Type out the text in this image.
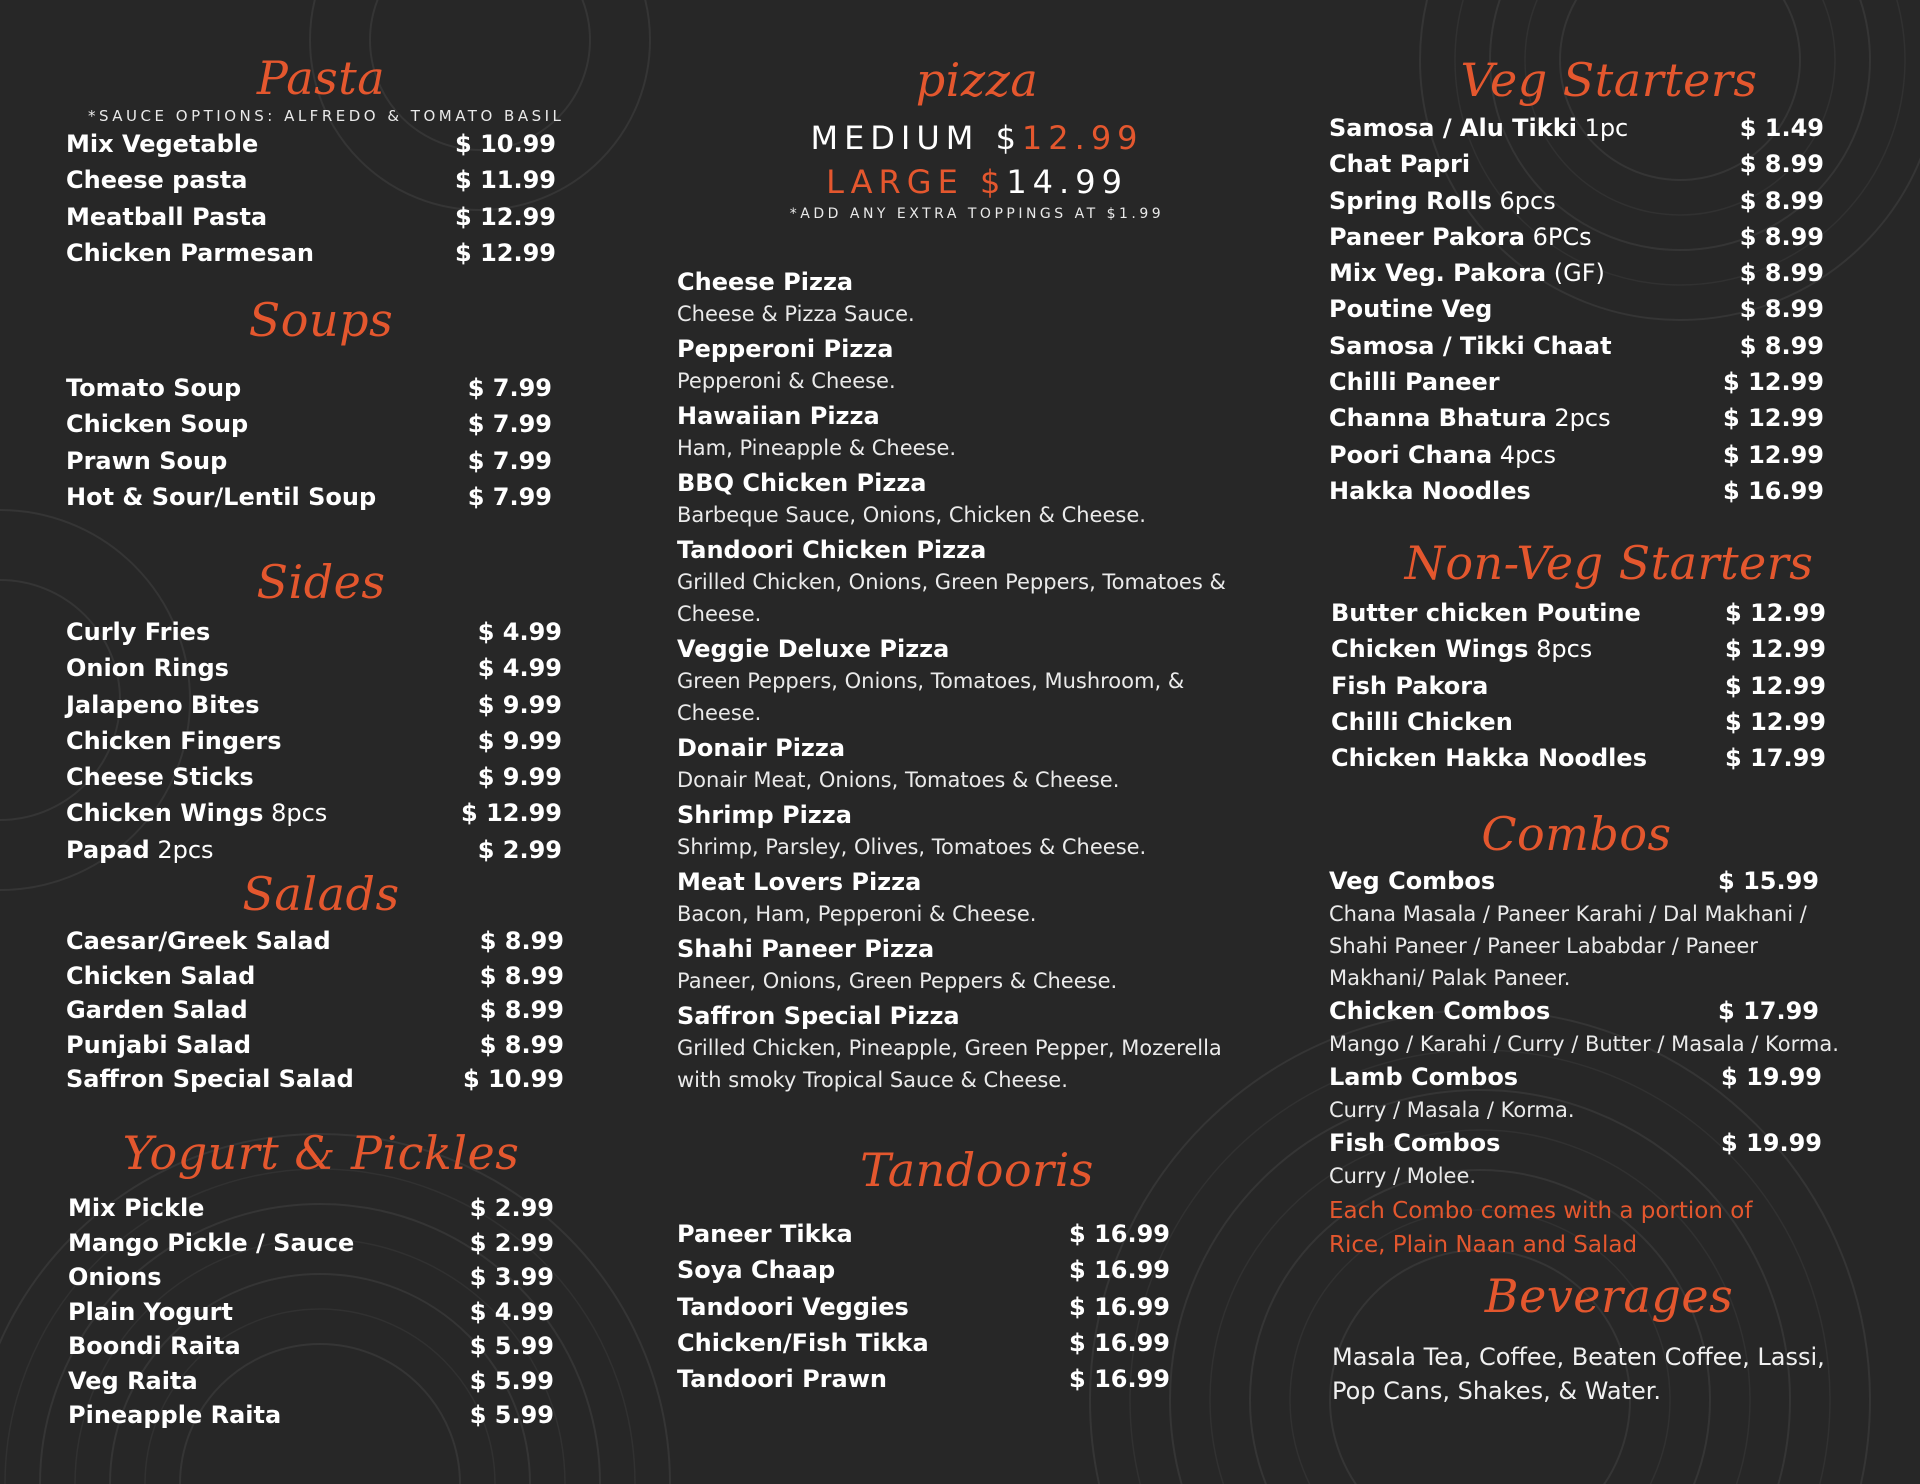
Pasta
*SAUCE OPTIONS: ALFREDO & TOMATO BASIL
Mix Vegetable	$ 10.99
Cheese pasta	$ 11.99
Meatball Pasta	$ 12.99
Chicken Parmesan	$ 12.99
Soups
Tomato Soup	$ 7.99
Chicken Soup	$ 7.99
Prawn Soup	$ 7.99
Hot & Sour/Lentil Soup	$ 7.99
Sides
Curly Fries	$ 4.99
Onion Rings	$ 4.99
Jalapeno Bites	$ 9.99
Chicken Fingers	$ 9.99
Cheese Sticks	$ 9.99
Chicken Wings 8pcs	$ 12.99
Papad 2pcs	$ 2.99
Salads
Caesar/Greek Salad	$ 8.99
Chicken Salad	$ 8.99
Garden Salad	$ 8.99
Punjabi Salad	$ 8.99
Saffron Special Salad	$ 10.99
Yogurt & Pickles
Mix Pickle	$ 2.99
Mango Pickle / Sauce	$ 2.99
Onions	$ 3.99
Plain Yogurt	$ 4.99
Boondi Raita	$ 5.99
Veg Raita	$ 5.99
Pineapple Raita	$ 5.99
pizza
MEDIUM $12.99
LARGE $14.99
*ADD ANY EXTRA TOPPINGS AT $1.99
Cheese Pizza
Cheese & Pizza Sauce.
Pepperoni Pizza
Pepperoni & Cheese.
Hawaiian Pizza
Ham, Pineapple & Cheese.
BBQ Chicken Pizza
Barbeque Sauce, Onions, Chicken & Cheese.
Tandoori Chicken Pizza
Grilled Chicken, Onions, Green Peppers, Tomatoes & Cheese.
Veggie Deluxe Pizza
Green Peppers, Onions, Tomatoes, Mushroom, & Cheese.
Donair Pizza
Donair Meat, Onions, Tomatoes & Cheese.
Shrimp Pizza
Shrimp, Parsley, Olives, Tomatoes & Cheese.
Meat Lovers Pizza
Bacon, Ham, Pepperoni & Cheese.
Shahi Paneer Pizza
Paneer, Onions, Green Peppers & Cheese.
Saffron Special Pizza
Grilled Chicken, Pineapple, Green Pepper, Mozerella with smoky Tropical Sauce & Cheese.
Tandooris
Paneer Tikka	$ 16.99
Soya Chaap	$ 16.99
Tandoori Veggies	$ 16.99
Chicken/Fish Tikka	$ 16.99
Tandoori Prawn	$ 16.99
Veg Starters
Samosa / Alu Tikki 1pc	$ 1.49
Chat Papri	$ 8.99
Spring Rolls 6pcs	$ 8.99
Paneer Pakora 6PCs	$ 8.99
Mix Veg. Pakora (GF)	$ 8.99
Poutine Veg	$ 8.99
Samosa / Tikki Chaat	$ 8.99
Chilli Paneer	$ 12.99
Channa Bhatura 2pcs	$ 12.99
Poori Chana 4pcs	$ 12.99
Hakka Noodles	$ 16.99
Non-Veg Starters
Butter chicken Poutine	$ 12.99
Chicken Wings 8pcs	$ 12.99
Fish Pakora	$ 12.99
Chilli Chicken	$ 12.99
Chicken Hakka Noodles	$ 17.99
Combos
Veg Combos	$ 15.99
Chana Masala / Paneer Karahi / Dal Makhani / Shahi Paneer / Paneer Lababdar / Paneer Makhani/ Palak Paneer.
Chicken Combos	$ 17.99
Mango / Karahi / Curry / Butter / Masala / Korma.
Lamb Combos	$ 19.99
Curry / Masala / Korma.
Fish Combos	$ 19.99
Curry / Molee.
Each Combo comes with a portion of Rice, Plain Naan and Salad
Beverages
Masala Tea, Coffee, Beaten Coffee, Lassi, Pop Cans, Shakes, & Water.
